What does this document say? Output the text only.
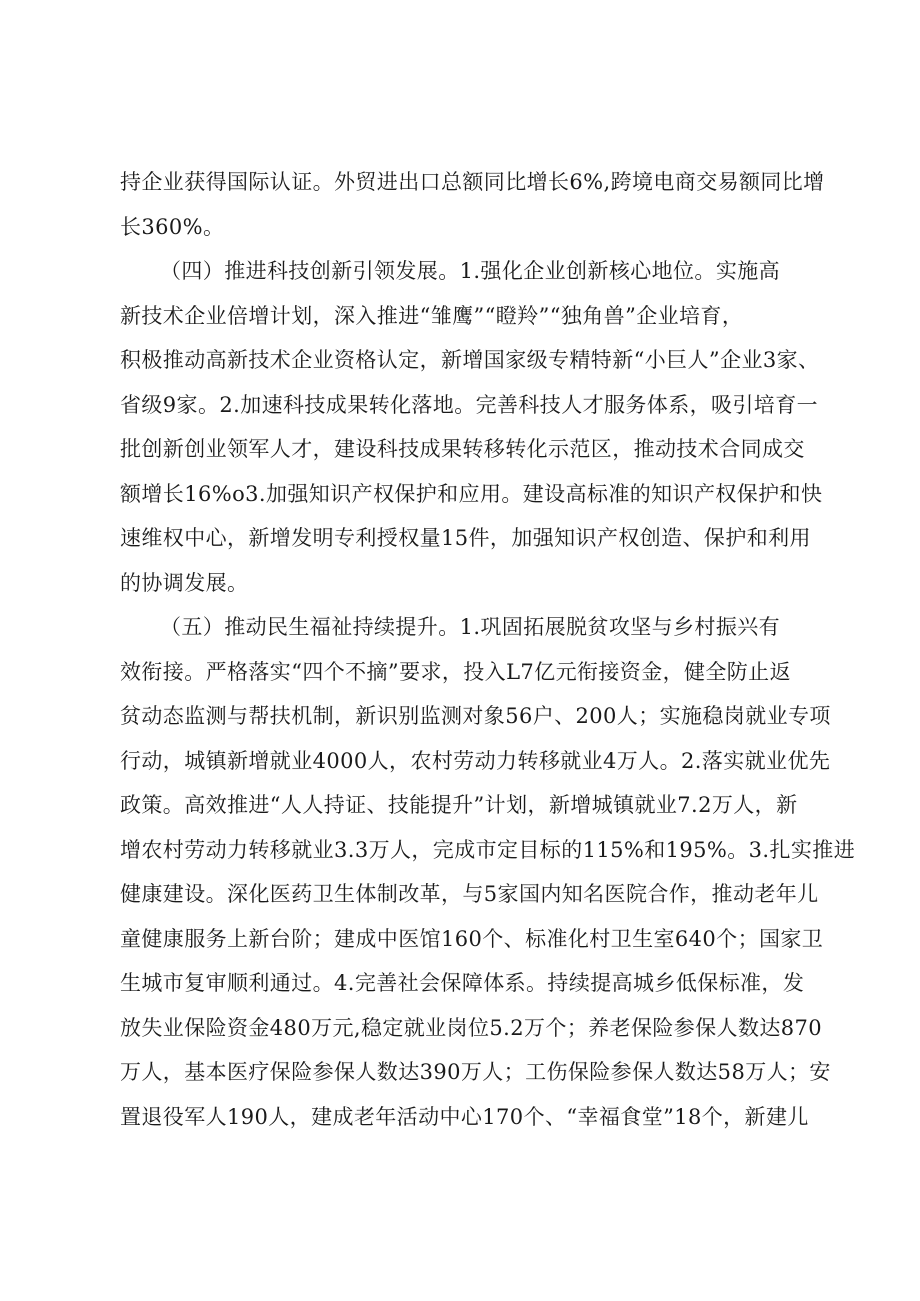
持企业获得国际认证。外贸进出口总额同比增长6%,跨境电商交易额同比增
长360%。
（四）推进科技创新引领发展。1.强化企业创新核心地位。实施高
新技术企业倍增计划，深入推进“雏鹰”“瞪羚”“独角兽”企业培育，
积极推动高新技术企业资格认定，新增国家级专精特新“小巨人”企业3家、
省级9家。2.加速科技成果转化落地。完善科技人才服务体系，吸引培育一
批创新创业领军人才，建设科技成果转移转化示范区，推动技术合同成交
额增长16%o3.加强知识产权保护和应用。建设高标准的知识产权保护和快
速维权中心，新增发明专利授权量15件，加强知识产权创造、保护和利用
的协调发展。
（五）推动民生福祉持续提升。1.巩固拓展脱贫攻坚与乡村振兴有
效衔接。严格落实“四个不摘”要求，投入L7亿元衔接资金，健全防止返
贫动态监测与帮扶机制，新识别监测对象56户、200人；实施稳岗就业专项
行动，城镇新增就业4000人，农村劳动力转移就业4万人。2.落实就业优先
政策。高效推进“人人持证、技能提升”计划，新增城镇就业7.2万人，新
增农村劳动力转移就业3.3万人，完成市定目标的115%和195%。3.扎实推进
健康建设。深化医药卫生体制改革，与5家国内知名医院合作，推动老年儿
童健康服务上新台阶；建成中医馆160个、标准化村卫生室640个；国家卫
生城市复审顺利通过。4.完善社会保障体系。持续提高城乡低保标准，发
放失业保险资金480万元,稳定就业岗位5.2万个；养老保险参保人数达870
万人，基本医疗保险参保人数达390万人；工伤保险参保人数达58万人；安
置退役军人190人，建成老年活动中心170个、“幸福食堂”18个，新建儿
